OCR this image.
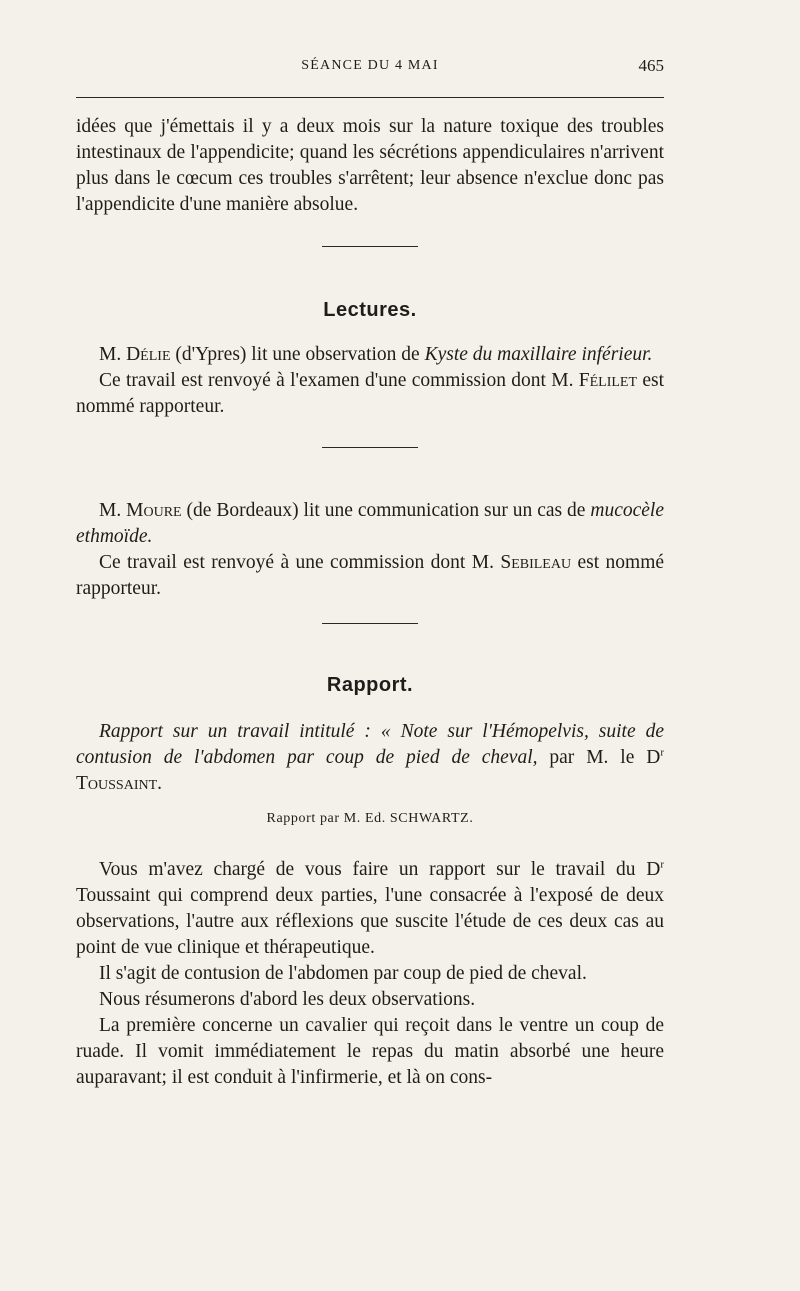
SÉANCE DU 4 MAI	465

idées que j'émettais il y a deux mois sur la nature toxique des troubles intestinaux de l'appendicite; quand les sécrétions appendiculaires n'arrivent plus dans le cœcum ces troubles s'arrêtent; leur absence n'exclue donc pas l'appendicite d'une manière absolue.

Lectures.

M. Délie (d'Ypres) lit une observation de Kyste du maxillaire inférieur.

Ce travail est renvoyé à l'examen d'une commission dont M. Félilet est nommé rapporteur.

M. Moure (de Bordeaux) lit une communication sur un cas de mucocèle ethmoïde.

Ce travail est renvoyé à une commission dont M. Sebileau est nommé rapporteur.

Rapport.

Rapport sur un travail intitulé : « Note sur l'Hémopelvis, suite de contusion de l'abdomen par coup de pied de cheval, par M. le $D^r$ Toussaint.

Rapport par M. Ed. SCHWARTZ.

Vous m'avez chargé de vous faire un rapport sur le travail du $D^r$ Toussaint qui comprend deux parties, l'une consacrée à l'exposé de deux observations, l'autre aux réflexions que suscite l'étude de ces deux cas au point de vue clinique et thérapeutique.

Il s'agit de contusion de l'abdomen par coup de pied de cheval.

Nous résumerons d'abord les deux observations.

La première concerne un cavalier qui reçoit dans le ventre un coup de ruade. Il vomit immédiatement le repas du matin absorbé une heure auparavant; il est conduit à l'infirmerie, et là on cons-
